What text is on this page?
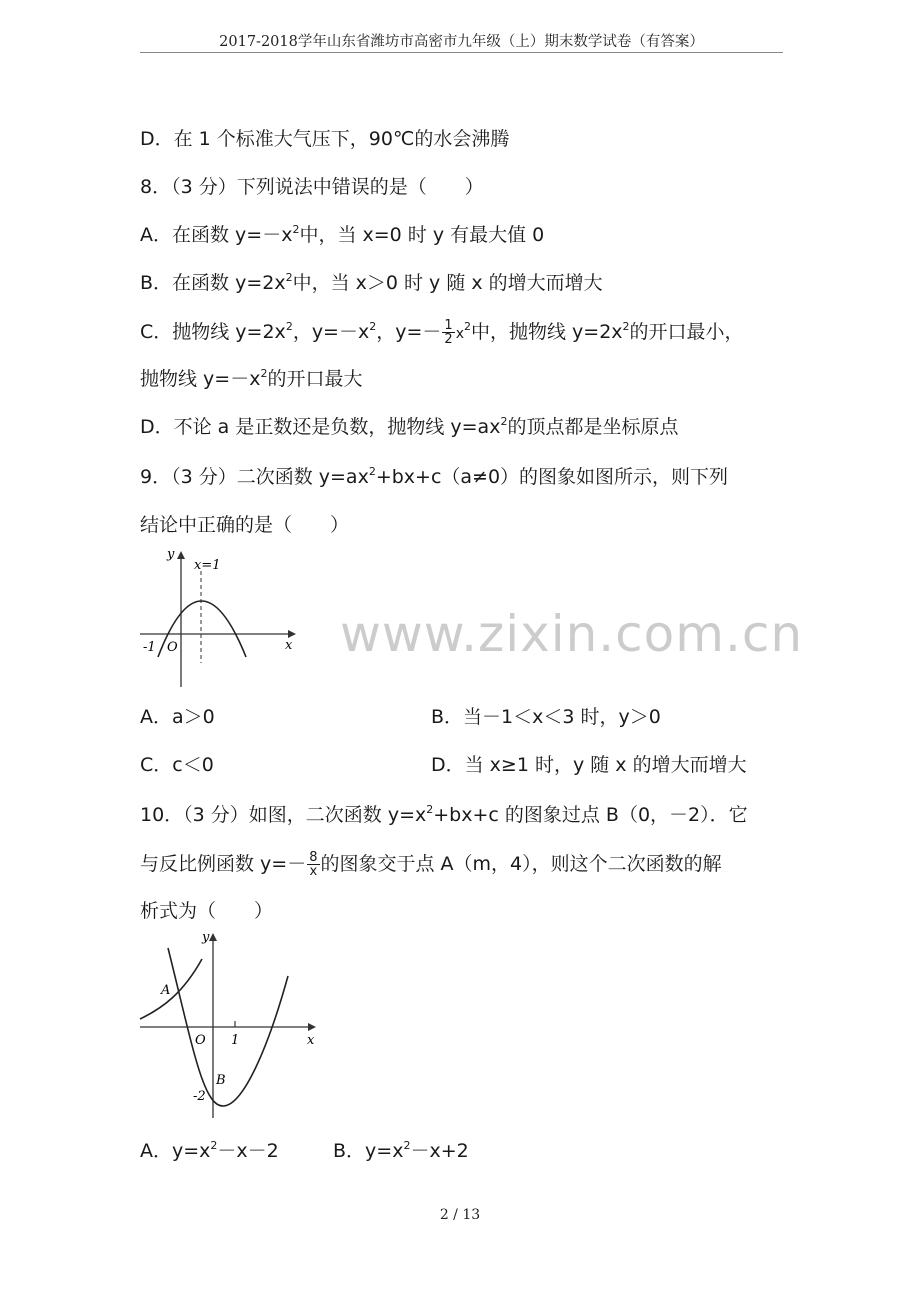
2017-2018学年山东省潍坊市高密市九年级（上）期末数学试卷（有答案）
D．在 1 个标准大气压下，90℃的水会沸腾
8．（3 分）下列说法中错误的是（　　）
A．在函数 $y=-x^2$中，当 x=0 时 y 有最大值 0
B．在函数 $y=2x^2$中，当 x＞0 时 y 随 x 的增大而增大
C．抛物线 $y=2x^2$，$y=-x^2$，$y=- \frac{1}{2} x^2$中，抛物线 $y=2x^2$的开口最小，
抛物线 $y=-x^2$的开口最大
D．不论 a 是正数还是负数，抛物线 $y=ax^2$的顶点都是坐标原点
9．（3 分）二次函数 $y=ax^2+bx+c(a\ne 0)$的图象如图所示，则下列
结论中正确的是（　　）
y
x
x=1
-1 O
A．a＞0	B．当－1＜x＜3 时，y＞0
C．c＜0	D．当 x≥1 时，y 随 x 的增大而增大
10．（3 分）如图，二次函数 $y=x^2+bx+c$ 的图象过点 B（0，－2）．它
与反比例函数 $y=- \frac{8}{x}$ 的图象交于点 A（m，4），则这个二次函数的解
析式为（　　）
y
x
A
B
O 1
-2
A．$y=x^2-x-2$	B．$y=x^2-x+2$
www.zixin.com.cn
2 / 13
